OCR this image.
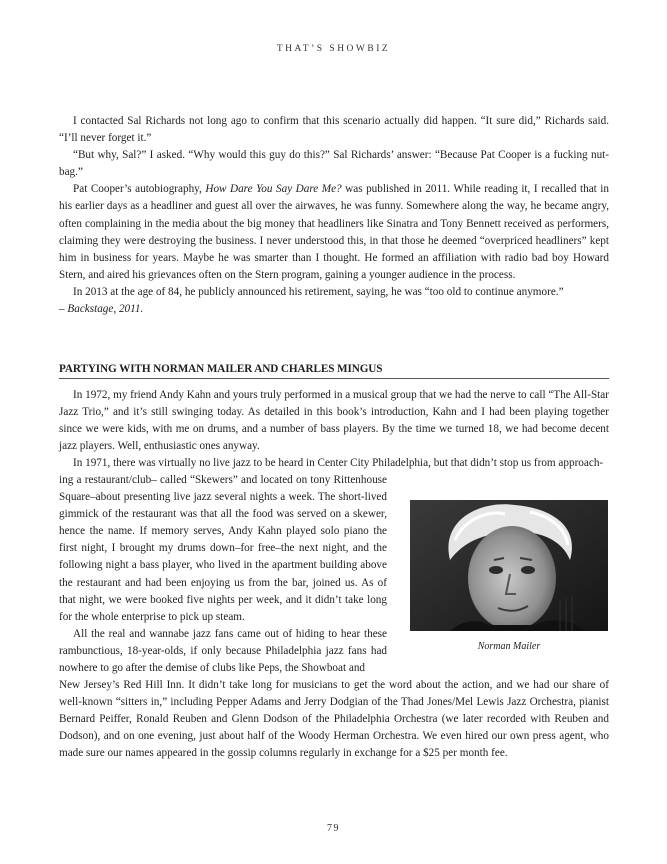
THAT’S SHOWBIZ

I contacted Sal Richards not long ago to confirm that this scenario actually did happen. “It sure did,” Richards said. “I’ll never forget it.”

“But why, Sal?” I asked. “Why would this guy do this?” Sal Richards’ answer: “Because Pat Cooper is a fucking nut-bag.”

Pat Cooper’s autobiography, How Dare You Say Dare Me? was published in 2011. While reading it, I recalled that in his earlier days as a headliner and guest all over the airwaves, he was funny. Somewhere along the way, he became angry, often complaining in the media about the big money that headliners like Sinatra and Tony Bennett received as performers, claiming they were destroying the business. I never understood this, in that those he deemed “overpriced headliners” kept him in business for years. Maybe he was smarter than I thought. He formed an affiliation with radio bad boy Howard Stern, and aired his grievances often on the Stern program, gaining a younger audience in the process.

In 2013 at the age of 84, he publicly announced his retirement, saying, he was “too old to continue anymore.”
– Backstage, 2011.

PARTYING WITH NORMAN MAILER AND CHARLES MINGUS

In 1972, my friend Andy Kahn and yours truly performed in a musical group that we had the nerve to call “The All-Star Jazz Trio,” and it’s still swinging today. As detailed in this book’s introduction, Kahn and I had been playing together since we were kids, with me on drums, and a number of bass players. By the time we turned 18, we had become decent jazz players. Well, enthusiastic ones anyway.

In 1971, there was virtually no live jazz to be heard in Center City Philadelphia, but that didn’t stop us from approach-

ing a restaurant/club– called “Skewers” and located on tony Rittenhouse Square–about presenting live jazz several nights a week. The short-lived gimmick of the restaurant was that all the food was served on a skewer, hence the name. If memory serves, Andy Kahn played solo piano the first night, I brought my drums down–for free–the next night, and the following night a bass player, who lived in the apartment building above the restaurant and had been enjoying us from the bar, joined us. As of that night, we were booked five nights per week, and it didn’t take long for the whole enterprise to pick up steam.

All the real and wannabe jazz fans came out of hiding to hear these rambunctious, 18-year-olds, if only because Philadelphia jazz fans had nowhere to go after the demise of clubs like Peps, the Showboat and

New Jersey’s Red Hill Inn. It didn’t take long for musicians to get the word about the action, and we had our share of well-known “sitters in,” including Pepper Adams and Jerry Dodgian of the Thad Jones/Mel Lewis Jazz Orchestra, pianist Bernard Peiffer, Ronald Reuben and Glenn Dodson of the Philadelphia Orchestra (we later recorded with Reuben and Dodson), and on one evening, just about half of the Woody Herman Orchestra. We even hired our own press agent, who made sure our names appeared in the gossip columns regularly in exchange for a $25 per month fee.

Norman Mailer
79
